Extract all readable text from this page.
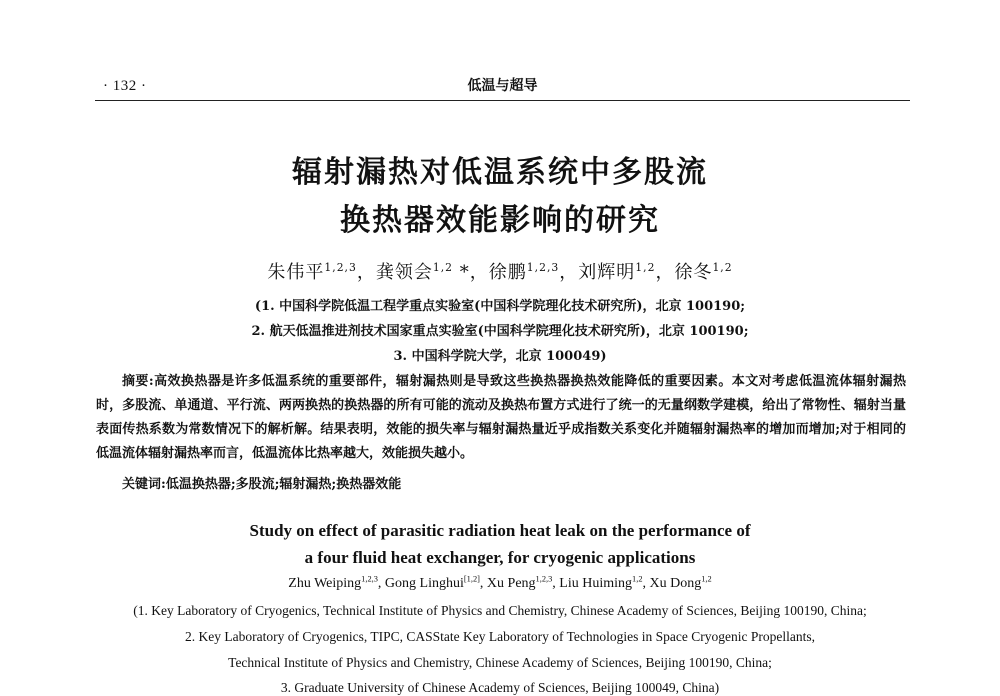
· 132 ·	低温与超导
辐射漏热对低温系统中多股流
换热器效能影响的研究
朱伟平$^{1,2,3}$，龚领会$^{1,2}$ *，徐鹏$^{1,2,3}$，刘辉明$^{1,2}$，徐冬$^{1,2}$
(1. 中国科学院低温工程学重点实验室(中国科学院理化技术研究所)，北京 100190;
2. 航天低温推进剂技术国家重点实验室(中国科学院理化技术研究所)，北京 100190;
3. 中国科学院大学，北京 100049)
摘要:高效换热器是许多低温系统的重要部件，辐射漏热则是导致这些换热器换热效能降低的重要因素。本文对考虑低温流体辐射漏热时，多股流、单通道、平行流、两两换热的换热器的所有可能的流动及换热布置方式进行了统一的无量纲数学建模，给出了常物性、辐射当量表面传热系数为常数情况下的解析解。结果表明，效能的损失率与辐射漏热量近乎成指数关系变化并随辐射漏热率的增加而增加;对于相同的低温流体辐射漏热率而言，低温流体比热率越大，效能损失越小。
关键词:低温换热器;多股流;辐射漏热;换热器效能
Study on effect of parasitic radiation heat leak on the performance of
a four fluid heat exchanger, for cryogenic applications
Zhu Weiping$^{1,2,3}$, Gong Linghui[1,2], Xu Peng$^{1,2,3}$, Liu Huiming$^{1,2}$, Xu Dong$^{1,2}$
(1. Key Laboratory of Cryogenics, Technical Institute of Physics and Chemistry, Chinese Academy of Sciences, Beijing 100190, China;
2. Key Laboratory of Cryogenics, TIPC, CASState Key Laboratory of Technologies in Space Cryogenic Propellants,
Technical Institute of Physics and Chemistry, Chinese Academy of Sciences, Beijing 100190, China;
3. Graduate University of Chinese Academy of Sciences, Beijing 100049, China)
